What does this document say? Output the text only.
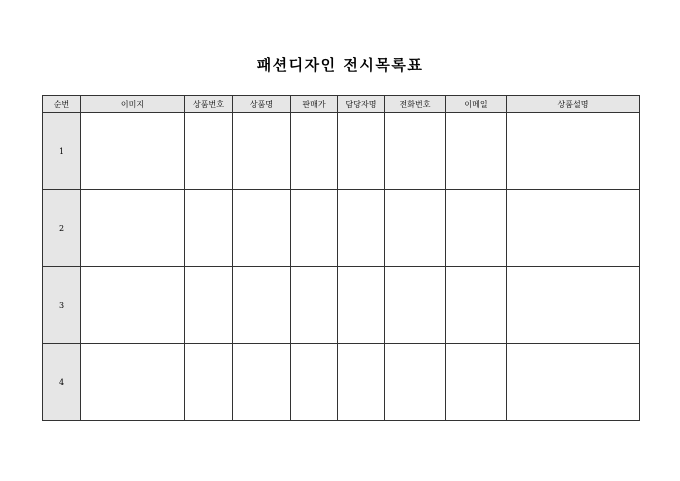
패션디자인 전시목록표
순번	이미지	상품번호	상품명	판매가	담당자명	전화번호	이메일	상품설명
1								
2								
3								
4								
